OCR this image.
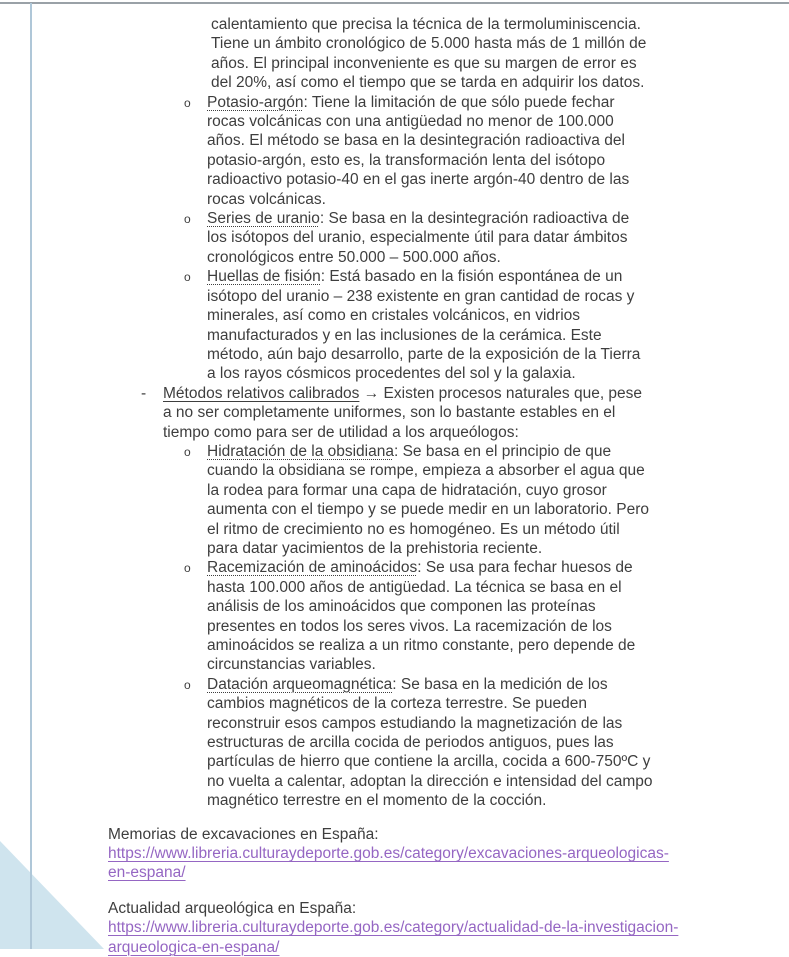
calentamiento que precisa la técnica de la termoluminiscencia. Tiene un ámbito cronológico de 5.000 hasta más de 1 millón de años. El principal inconveniente es que su margen de error es del 20%, así como el tiempo que se tarda en adquirir los datos.

o Potasio-argón: Tiene la limitación de que sólo puede fechar rocas volcánicas con una antigüedad no menor de 100.000 años. El método se basa en la desintegración radioactiva del potasio-argón, esto es, la transformación lenta del isótopo radioactivo potasio-40 en el gas inerte argón-40 dentro de las rocas volcánicas.
o Series de uranio: Se basa en la desintegración radioactiva de los isótopos del uranio, especialmente útil para datar ámbitos cronológicos entre 50.000 – 500.000 años.
o Huellas de fisión: Está basado en la fisión espontánea de un isótopo del uranio – 238 existente en gran cantidad de rocas y minerales, así como en cristales volcánicos, en vidrios manufacturados y en las inclusiones de la cerámica. Este método, aún bajo desarrollo, parte de la exposición de la Tierra a los rayos cósmicos procedentes del sol y la galaxia.
- Métodos relativos calibrados → Existen procesos naturales que, pese a no ser completamente uniformes, son lo bastante estables en el tiempo como para ser de utilidad a los arqueólogos:
o Hidratación de la obsidiana: Se basa en el principio de que cuando la obsidiana se rompe, empieza a absorber el agua que la rodea para formar una capa de hidratación, cuyo grosor aumenta con el tiempo y se puede medir en un laboratorio. Pero el ritmo de crecimiento no es homogéneo. Es un método útil para datar yacimientos de la prehistoria reciente.
o Racemización de aminoácidos: Se usa para fechar huesos de hasta 100.000 años de antigüedad. La técnica se basa en el análisis de los aminoácidos que componen las proteínas presentes en todos los seres vivos. La racemización de los aminoácidos se realiza a un ritmo constante, pero depende de circunstancias variables.
o Datación arqueomagnética: Se basa en la medición de los cambios magnéticos de la corteza terrestre. Se pueden reconstruir esos campos estudiando la magnetización de las estructuras de arcilla cocida de periodos antiguos, pues las partículas de hierro que contiene la arcilla, cocida a 600-750ºC y no vuelta a calentar, adoptan la dirección e intensidad del campo magnético terrestre en el momento de la cocción.

Memorias de excavaciones en España:

https://www.libreria.culturaydeporte.gob.es/category/excavaciones-arqueologicas-en-espana/

Actualidad arqueológica en España:

https://www.libreria.culturaydeporte.gob.es/category/actualidad-de-la-investigacion-arqueologica-en-espana/
